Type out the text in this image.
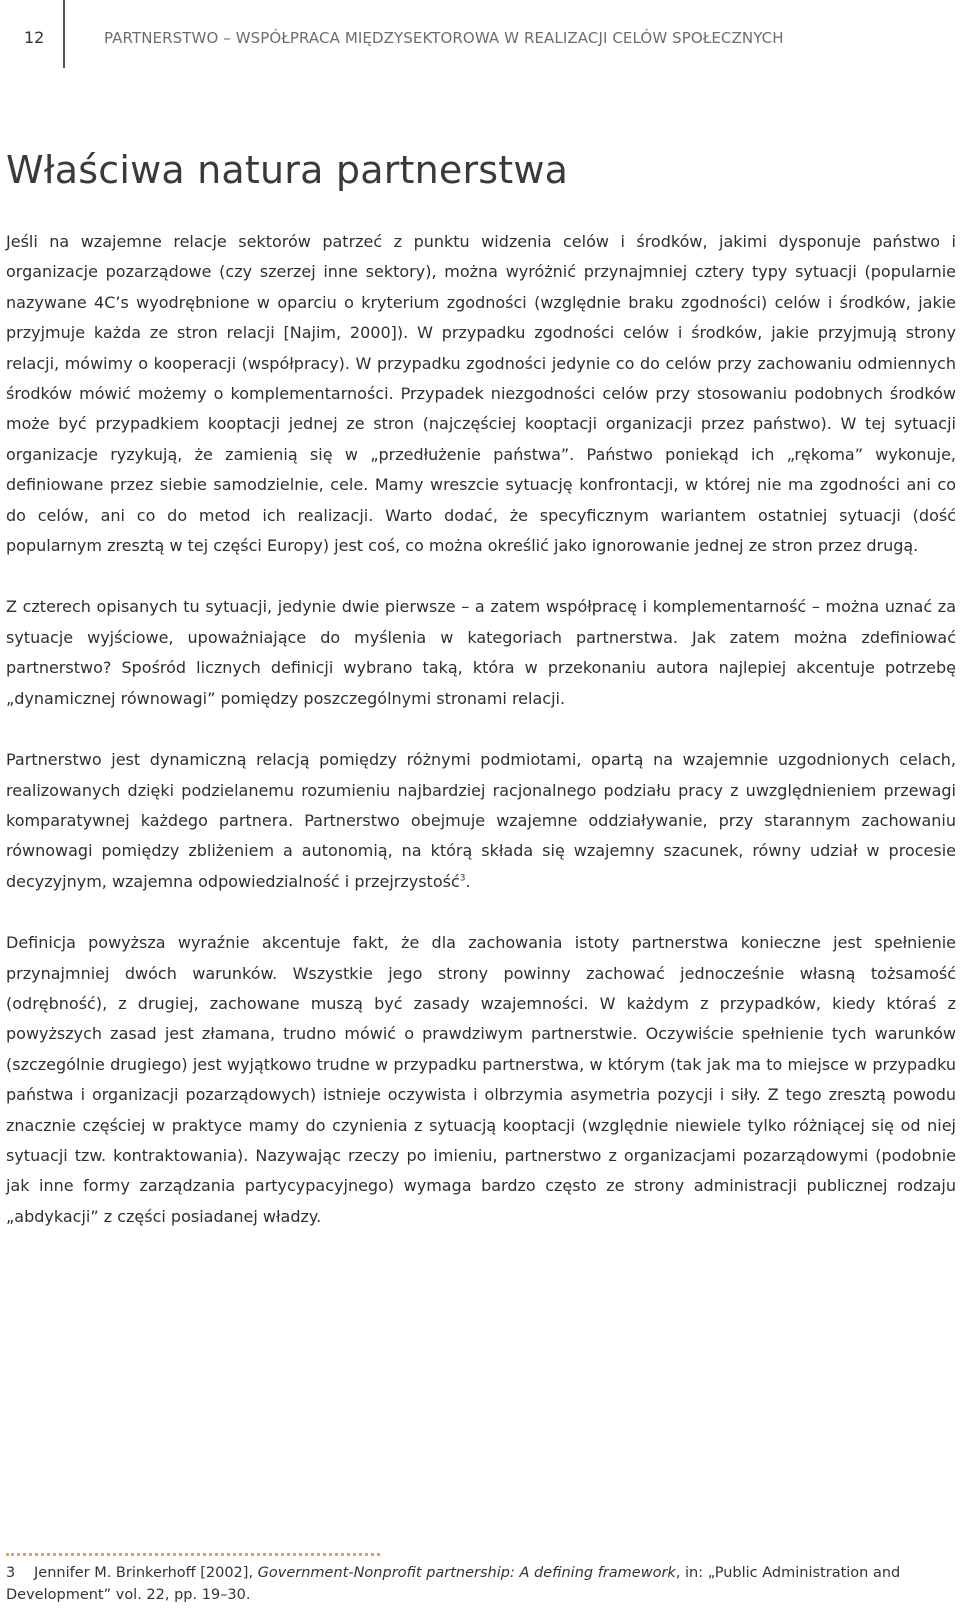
12	PARTNERSTWO – WSPÓŁPRACA MIĘDZYSEKTOROWA W REALIZACJI CELÓW SPOŁECZNYCH
Właściwa natura partnerstwa

Jeśli na wzajemne relacje sektorów patrzeć z punktu widzenia celów i środków, jakimi dysponuje państwo i organizacje pozarządowe (czy szerzej inne sektory), można wyróżnić przynajmniej cztery typy sytuacji (popularnie nazywane 4C’s wyodrębnione w oparciu o kryterium zgodności (względnie braku zgodności) celów i środków, jakie przyjmuje każda ze stron relacji [Najim, 2000]). W przypadku zgodności celów i środków, jakie przyjmują strony relacji, mówimy o kooperacji (współpracy). W przypadku zgodności jedynie co do celów przy zachowaniu odmiennych środków mówić możemy o komplementarności. Przypadek niezgodności celów przy stosowaniu podobnych środków może być przypadkiem kooptacji jednej ze stron (najczęściej kooptacji organizacji przez państwo). W tej sytuacji organizacje ryzykują, że zamienią się w „przedłużenie państwa”. Państwo poniekąd ich „rękoma” wykonuje, definiowane przez siebie samodzielnie, cele. Mamy wreszcie sytuację konfrontacji, w której nie ma zgodności ani co do celów, ani co do metod ich realizacji. Warto dodać, że specyficznym wariantem ostatniej sytuacji (dość popularnym zresztą w tej części Europy) jest coś, co można określić jako ignorowanie jednej ze stron przez drugą.

Z czterech opisanych tu sytuacji, jedynie dwie pierwsze – a zatem współpracę i komplementarność – można uznać za sytuacje wyjściowe, upoważniające do myślenia w kategoriach partnerstwa. Jak zatem można zdefiniować partnerstwo? Spośród licznych definicji wybrano taką, która w przekonaniu autora najlepiej akcentuje potrzebę „dynamicznej równowagi” pomiędzy poszczególnymi stronami relacji.

Partnerstwo jest dynamiczną relacją pomiędzy różnymi podmiotami, opartą na wzajemnie uzgodnionych celach, realizowanych dzięki podzielanemu rozumieniu najbardziej racjonalnego podziału pracy z uwzględnieniem przewagi komparatywnej każdego partnera. Partnerstwo obejmuje wzajemne oddziaływanie, przy starannym zachowaniu równowagi pomiędzy zbliżeniem a autonomią, na którą składa się wzajemny szacunek, równy udział w procesie decyzyjnym, wzajemna odpowiedzialność i przejrzystość$^3$.

Definicja powyższa wyraźnie akcentuje fakt, że dla zachowania istoty partnerstwa konieczne jest spełnienie przynajmniej dwóch warunków. Wszystkie jego strony powinny zachować jednocześnie własną tożsamość (odrębność), z drugiej, zachowane muszą być zasady wzajemności. W każdym z przypadków, kiedy któraś z powyższych zasad jest złamana, trudno mówić o prawdziwym partnerstwie. Oczywiście spełnienie tych warunków (szczególnie drugiego) jest wyjątkowo trudne w przypadku partnerstwa, w którym (tak jak ma to miejsce w przypadku państwa i organizacji pozarządowych) istnieje oczywista i olbrzymia asymetria pozycji i siły. Z tego zresztą powodu znacznie częściej w praktyce mamy do czynienia z sytuacją kooptacji (względnie niewiele tylko różniącej się od niej sytuacji tzw. kontraktowania). Nazywając rzeczy po imieniu, partnerstwo z organizacjami pozarządowymi (podobnie jak inne formy zarządzania partycypacyjnego) wymaga bardzo często ze strony administracji publicznej rodzaju „abdykacji” z części posiadanej władzy.

3 Jennifer M. Brinkerhoff [2002], Government-Nonprofit partnership: A defining framework, in: „Public Administration and Development” vol. 22, pp. 19–30.
